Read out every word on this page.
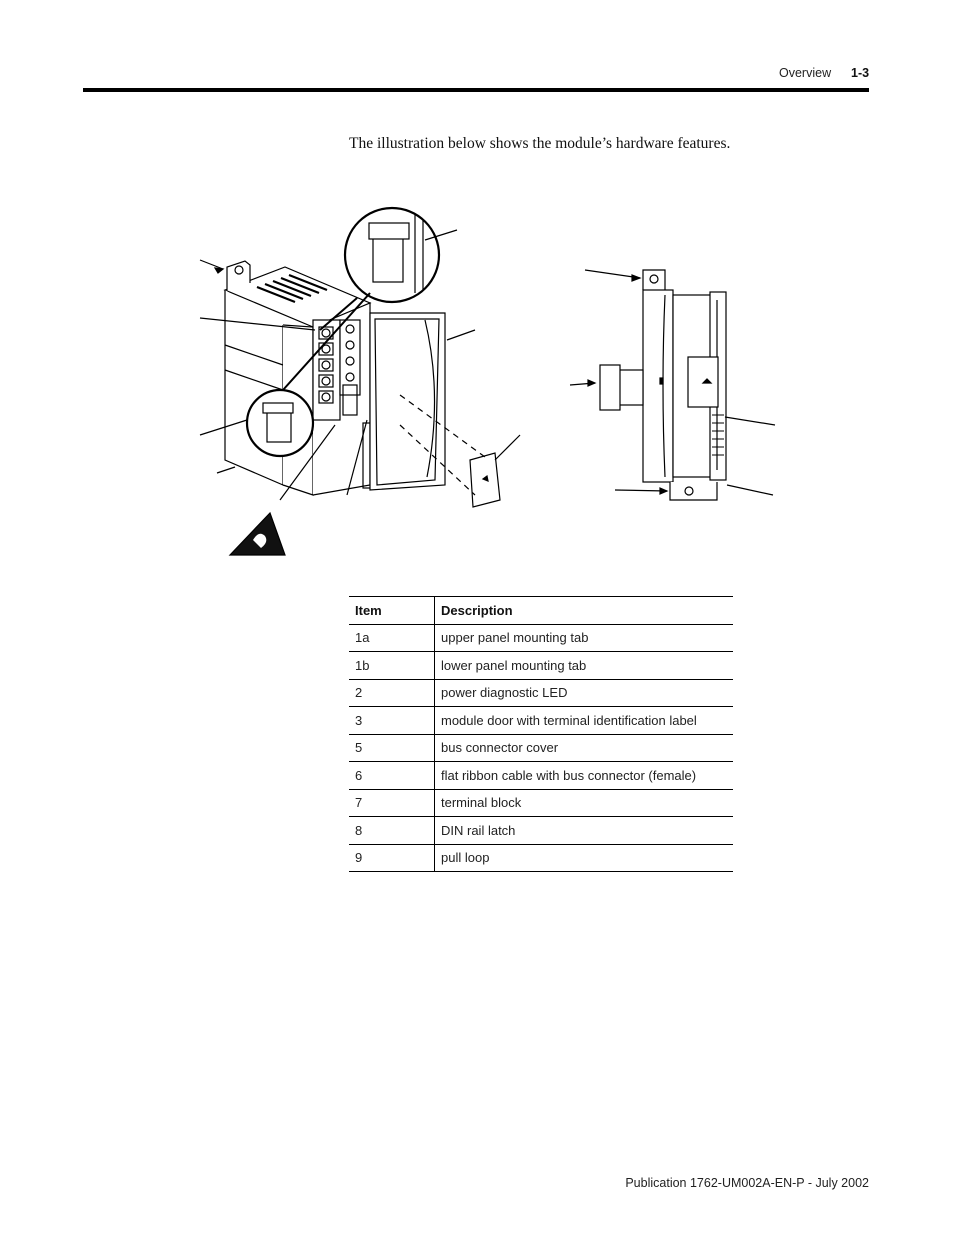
Overview 1-3

The illustration below shows the module’s hardware features.

Item	Description
1a	upper panel mounting tab
1b	lower panel mounting tab
2	power diagnostic LED
3	module door with terminal identification label
5	bus connector cover
6	flat ribbon cable with bus connector (female)
7	terminal block
8	DIN rail latch
9	pull loop
Publication 1762-UM002A-EN-P - July 2002
